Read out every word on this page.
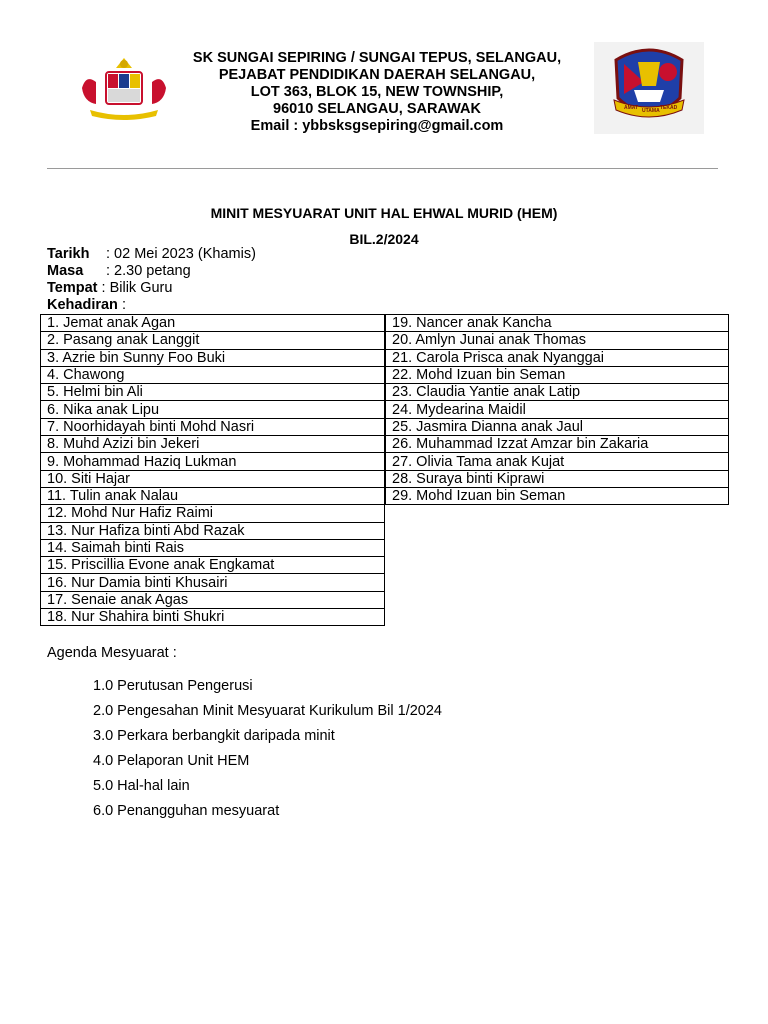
SK SUNGAI SEPIRING / SUNGAI TEPUS, SELANGAU,
PEJABAT PENDIDIKAN DAERAH SELANGAU,
LOT 363, BLOK 15, NEW TOWNSHIP,
96010 SELANGAU, SARAWAK
Email : ybbsksgsepiring@gmail.com
AMAT UTAMA TEKAD
MINIT MESYUARAT UNIT HAL EHWAL MURID (HEM)
BIL.2/2024
Tarikh : 02 Mei 2023 (Khamis)
Masa : 2.30 petang
Tempat : Bilik Guru
Kehadiran :
1. Jemat anak Agan
2. Pasang anak Langgit
3. Azrie bin Sunny Foo Buki
4. Chawong
5. Helmi bin Ali
6. Nika anak Lipu
7. Noorhidayah binti Mohd Nasri
8. Muhd Azizi bin Jekeri
9. Mohammad Haziq Lukman
10. Siti Hajar
11. Tulin anak Nalau
12. Mohd Nur Hafiz Raimi
13. Nur Hafiza binti Abd Razak
14. Saimah binti Rais
15. Priscillia Evone anak Engkamat
16. Nur Damia binti Khusairi
17. Senaie anak Agas
18. Nur Shahira binti Shukri
19. Nancer anak Kancha
20. Amlyn Junai anak Thomas
21. Carola Prisca anak Nyanggai
22. Mohd Izuan bin Seman
23. Claudia Yantie anak Latip
24. Mydearina Maidil
25. Jasmira Dianna anak Jaul
26. Muhammad Izzat Amzar bin Zakaria
27. Olivia Tama anak Kujat
28. Suraya binti Kiprawi
29. Mohd Izuan bin Seman
Agenda Mesyuarat :
1.0 Perutusan Pengerusi
2.0 Pengesahan Minit Mesyuarat Kurikulum Bil 1/2024
3.0 Perkara berbangkit daripada minit
4.0 Pelaporan Unit HEM
5.0 Hal-hal lain
6.0 Penangguhan mesyuarat
